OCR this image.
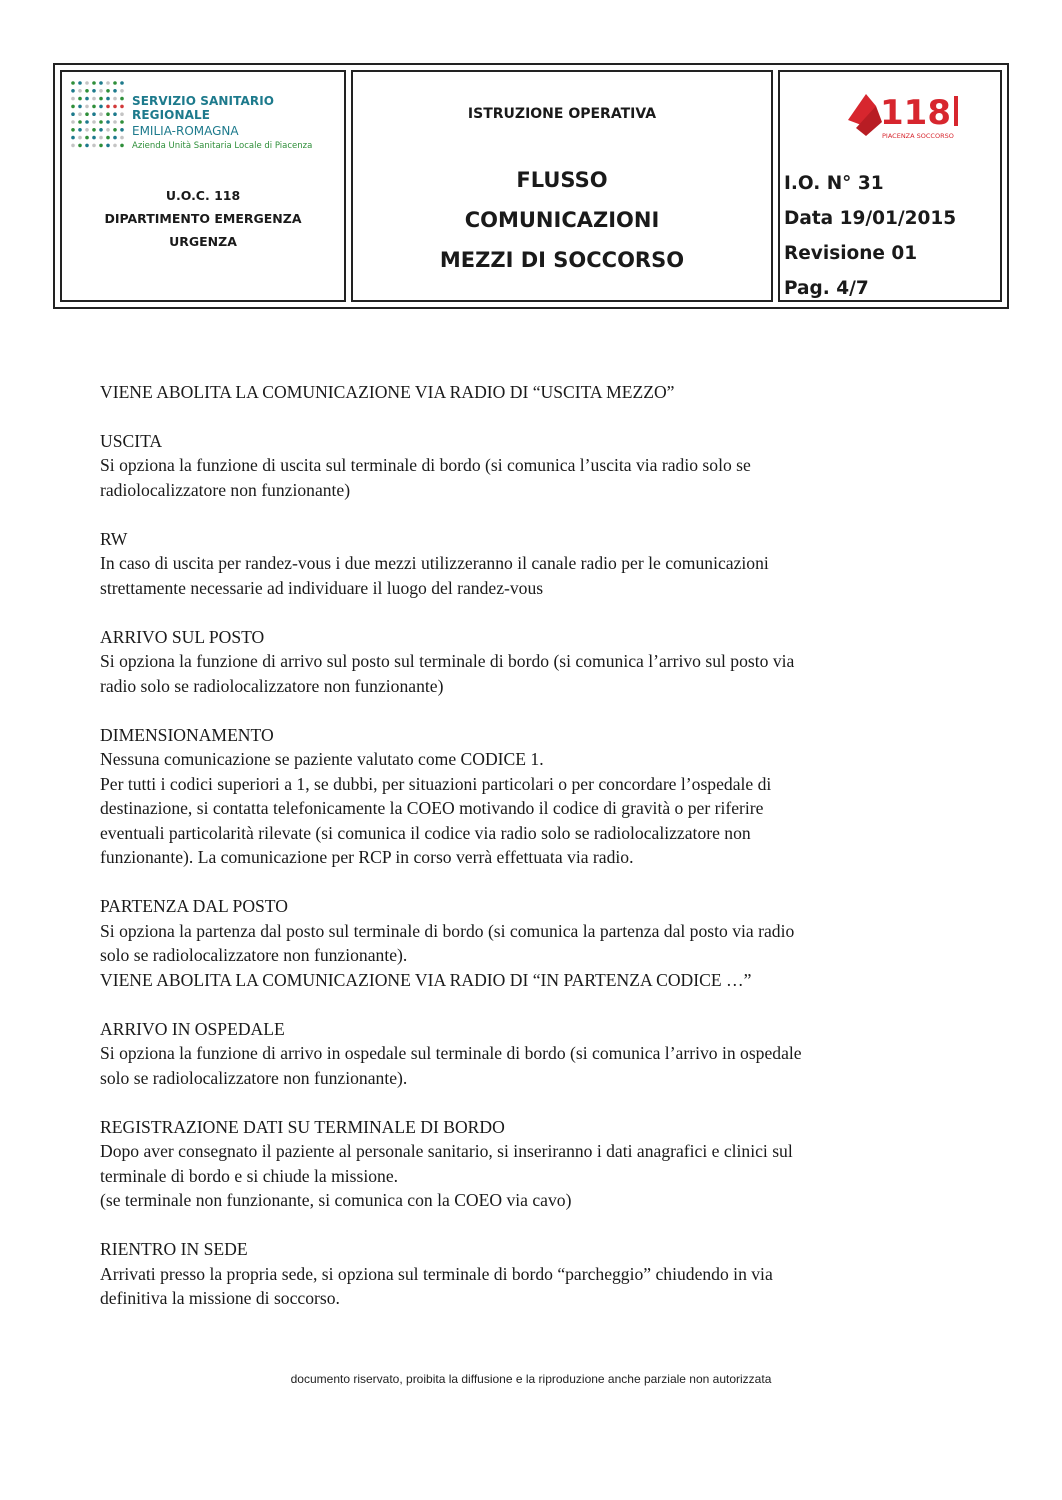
SERVIZIO SANITARIO REGIONALE
EMILIA-ROMAGNA
Azienda Unità Sanitaria Locale di Piacenza
U.O.C. 118
DIPARTIMENTO EMERGENZA
URGENZA
ISTRUZIONE OPERATIVA
FLUSSO
COMUNICAZIONI
MEZZI DI SOCCORSO
118
PIACENZA SOCCORSO
I.O. N° 31
Data 19/01/2015
Revisione 01
Pag. 4/7

VIENE ABOLITA LA COMUNICAZIONE VIA RADIO DI “USCITA MEZZO”

USCITA

Si opziona la funzione di uscita sul terminale di bordo (si comunica l’uscita via radio solo se

radiolocalizzatore non funzionante)

RW

In caso di uscita per randez-vous i due mezzi utilizzeranno il canale radio per le comunicazioni

strettamente necessarie ad individuare il luogo del randez-vous

ARRIVO SUL POSTO

Si opziona la funzione di arrivo sul posto sul terminale di bordo (si comunica l’arrivo sul posto via

radio solo se radiolocalizzatore non funzionante)

DIMENSIONAMENTO

Nessuna comunicazione se paziente valutato come CODICE 1.

Per tutti i codici superiori a 1, se dubbi, per situazioni particolari o per concordare l’ospedale di

destinazione, si contatta telefonicamente la COEO motivando il codice di gravità o per riferire

eventuali particolarità rilevate (si comunica il codice via radio solo se radiolocalizzatore non

funzionante). La comunicazione per RCP in corso verrà effettuata via radio.

PARTENZA DAL POSTO

Si opziona la partenza dal posto sul terminale di bordo (si comunica la partenza dal posto via radio

solo se radiolocalizzatore non funzionante).

VIENE ABOLITA LA COMUNICAZIONE VIA RADIO DI “IN PARTENZA CODICE …”

ARRIVO IN OSPEDALE

Si opziona la funzione di arrivo in ospedale sul terminale di bordo (si comunica l’arrivo in ospedale

solo se radiolocalizzatore non funzionante).

REGISTRAZIONE DATI SU TERMINALE DI BORDO

Dopo aver consegnato il paziente al personale sanitario, si inseriranno i dati anagrafici e clinici sul

terminale di bordo e si chiude la missione.

(se terminale non funzionante, si comunica con la COEO via cavo)

RIENTRO IN SEDE

Arrivati presso la propria sede, si opziona sul terminale di bordo “parcheggio” chiudendo in via

definitiva la missione di soccorso.

documento riservato, proibita la diffusione e la riproduzione anche parziale non autorizzata
